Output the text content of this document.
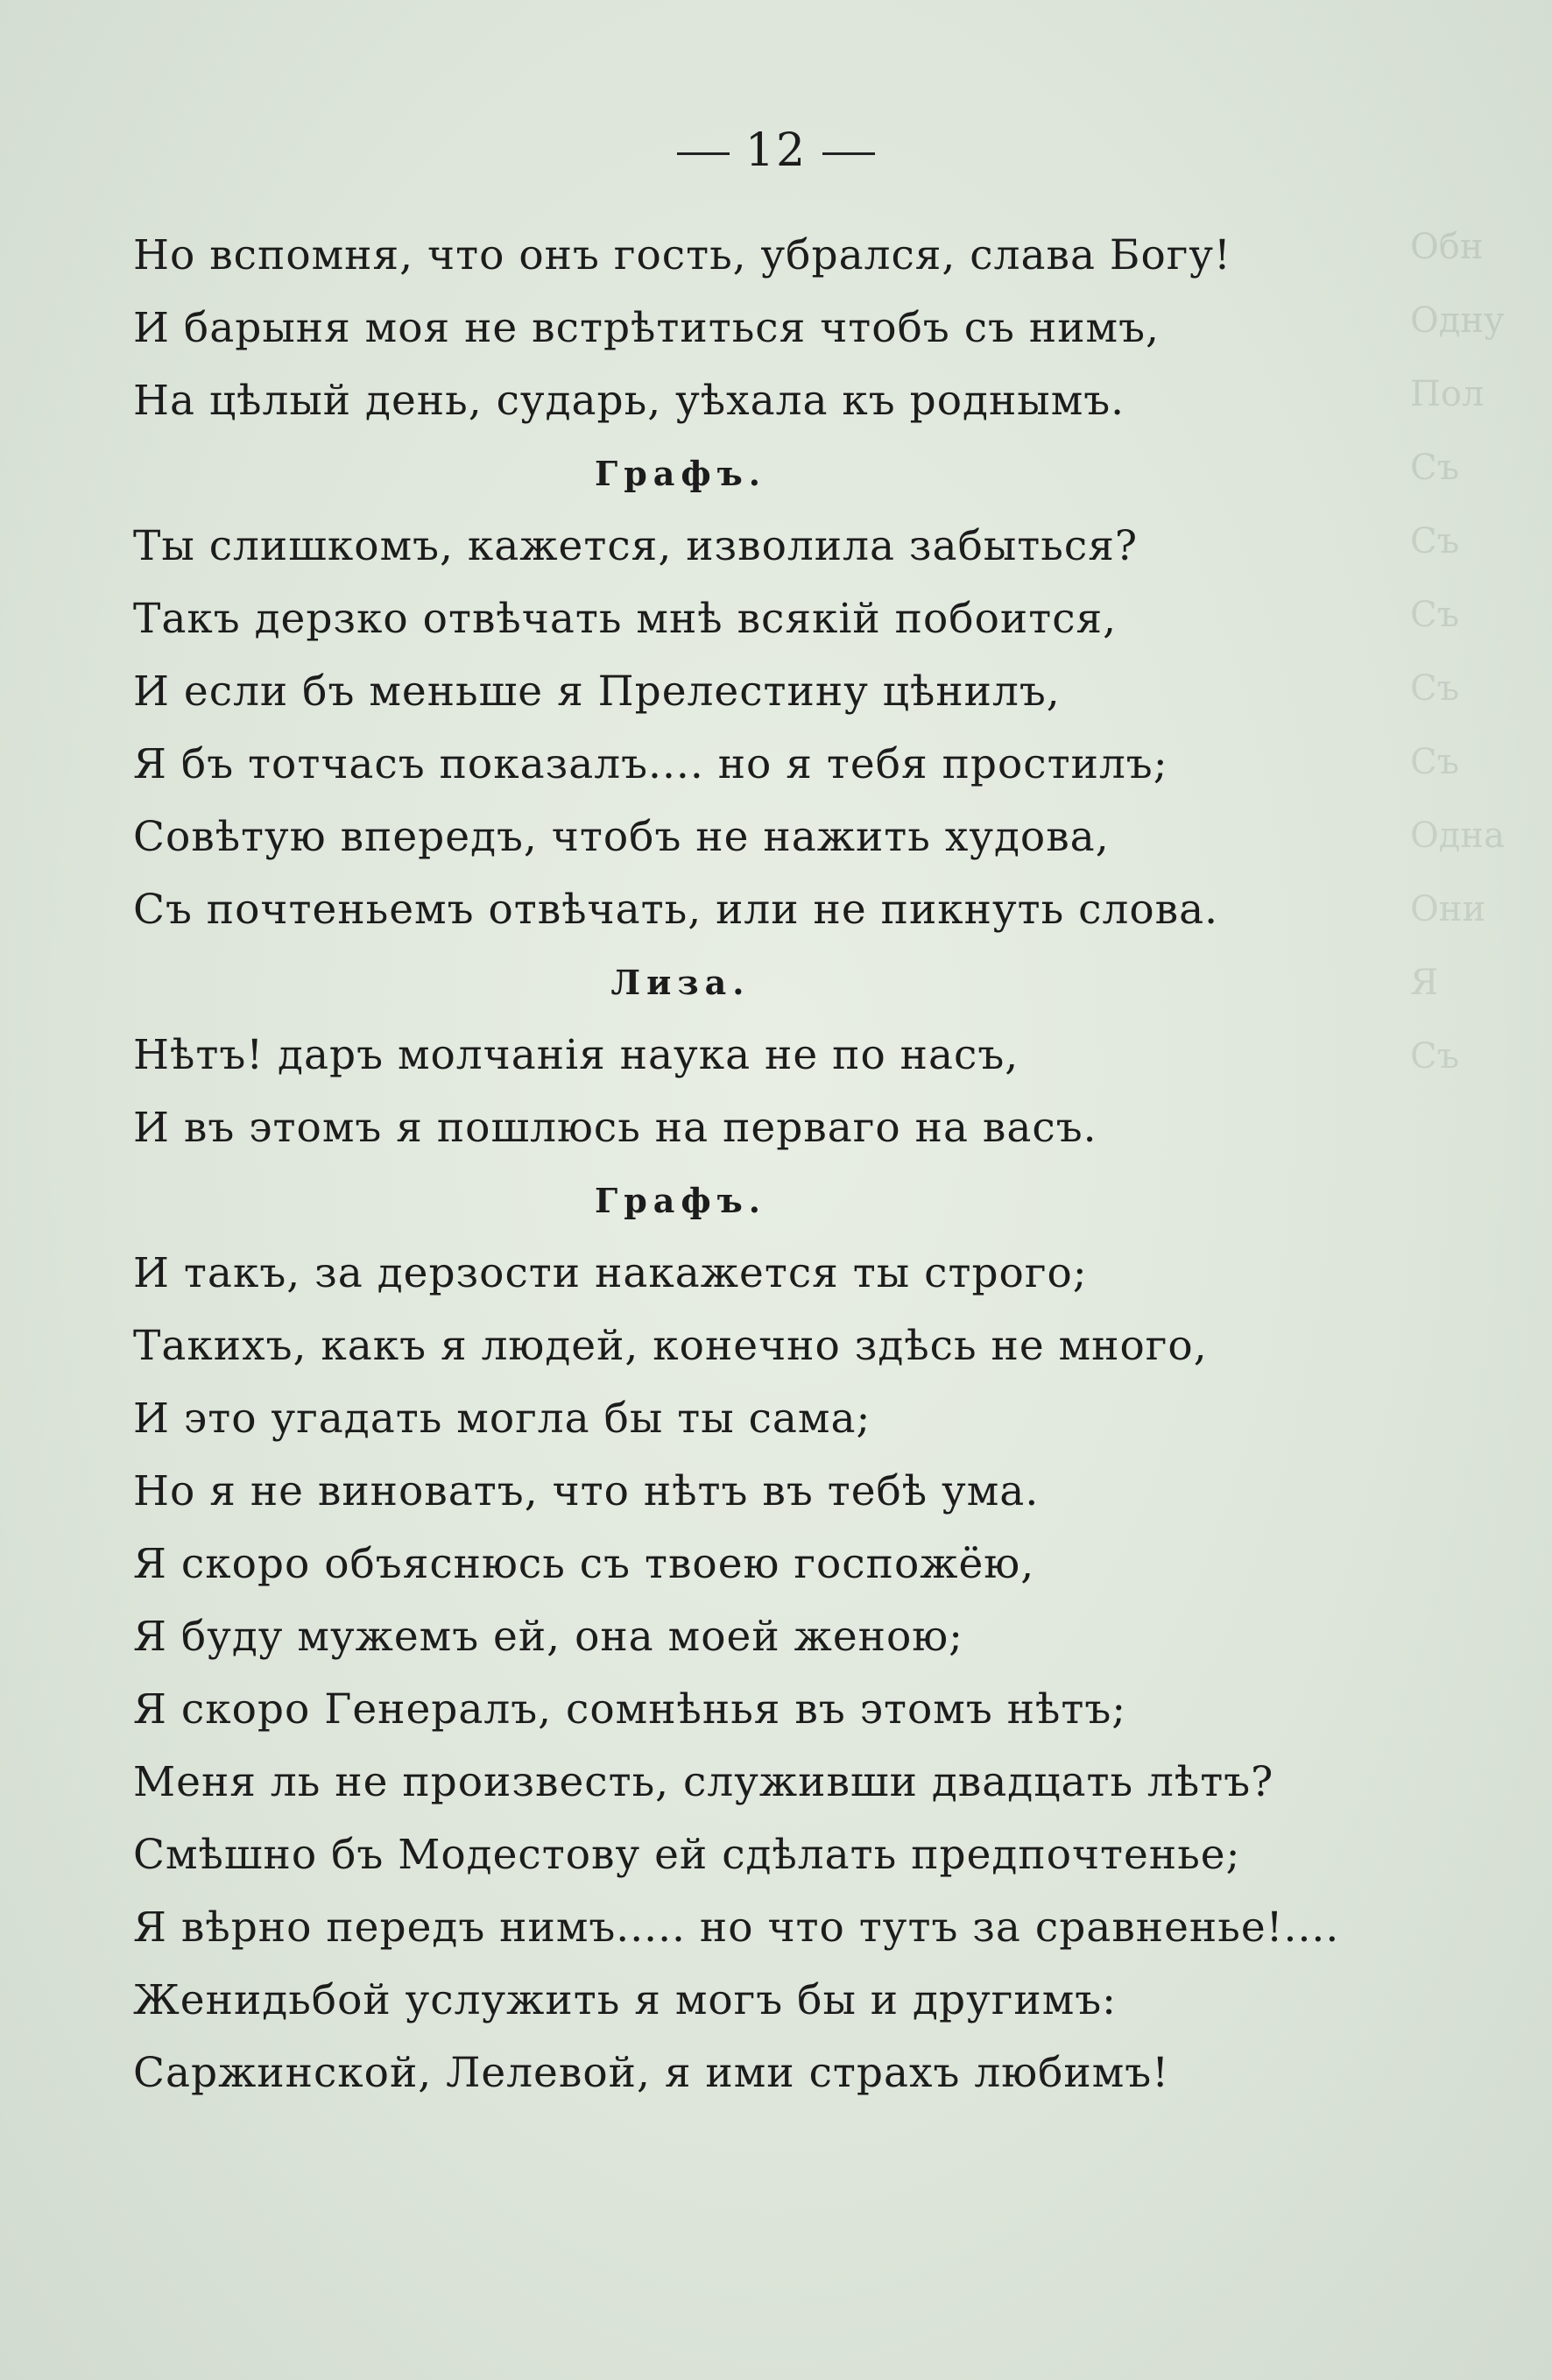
Обн
Одну
Пол
Съ
Съ
Съ
Съ
Съ
Одна
Они
Я
Съ
12
Но вспомня, что онъ гость, убрался, слава Богу!
И барыня моя не встрѣтиться чтобъ съ нимъ,
На цѣлый день, сударь, уѣхала къ роднымъ.
Графъ.
Ты слишкомъ, кажется, изволила забыться?
Такъ дерзко отвѣчать мнѣ всякій побоится,
И если бъ меньше я Прелестину цѣнилъ,
Я бъ тотчасъ показалъ.... но я тебя простилъ;
Совѣтую впередъ, чтобъ не нажить худова,
Съ почтеньемъ отвѣчать, или не пикнуть слова.
Лиза.
Нѣтъ! даръ молчанія наука не по насъ,
И въ этомъ я пошлюсь на перваго на васъ.
Графъ.
И такъ, за дерзости накажется ты строго;
Такихъ, какъ я людей, конечно здѣсь не много,
И это угадать могла бы ты сама;
Но я не виноватъ, что нѣтъ въ тебѣ ума.
Я скоро объяснюсь съ твоею госпожёю,
Я буду мужемъ ей, она моей женою;
Я скоро Генералъ, сомнѣнья въ этомъ нѣтъ;
Меня ль не произвесть, служивши двадцать лѣтъ?
Смѣшно бъ Модестову ей сдѣлать предпочтенье;
Я вѣрно передъ нимъ..... но что тутъ за сравненье!....
Женидьбой услужить я могъ бы и другимъ:
Саржинской, Лелевой, я ими страхъ любимъ!
